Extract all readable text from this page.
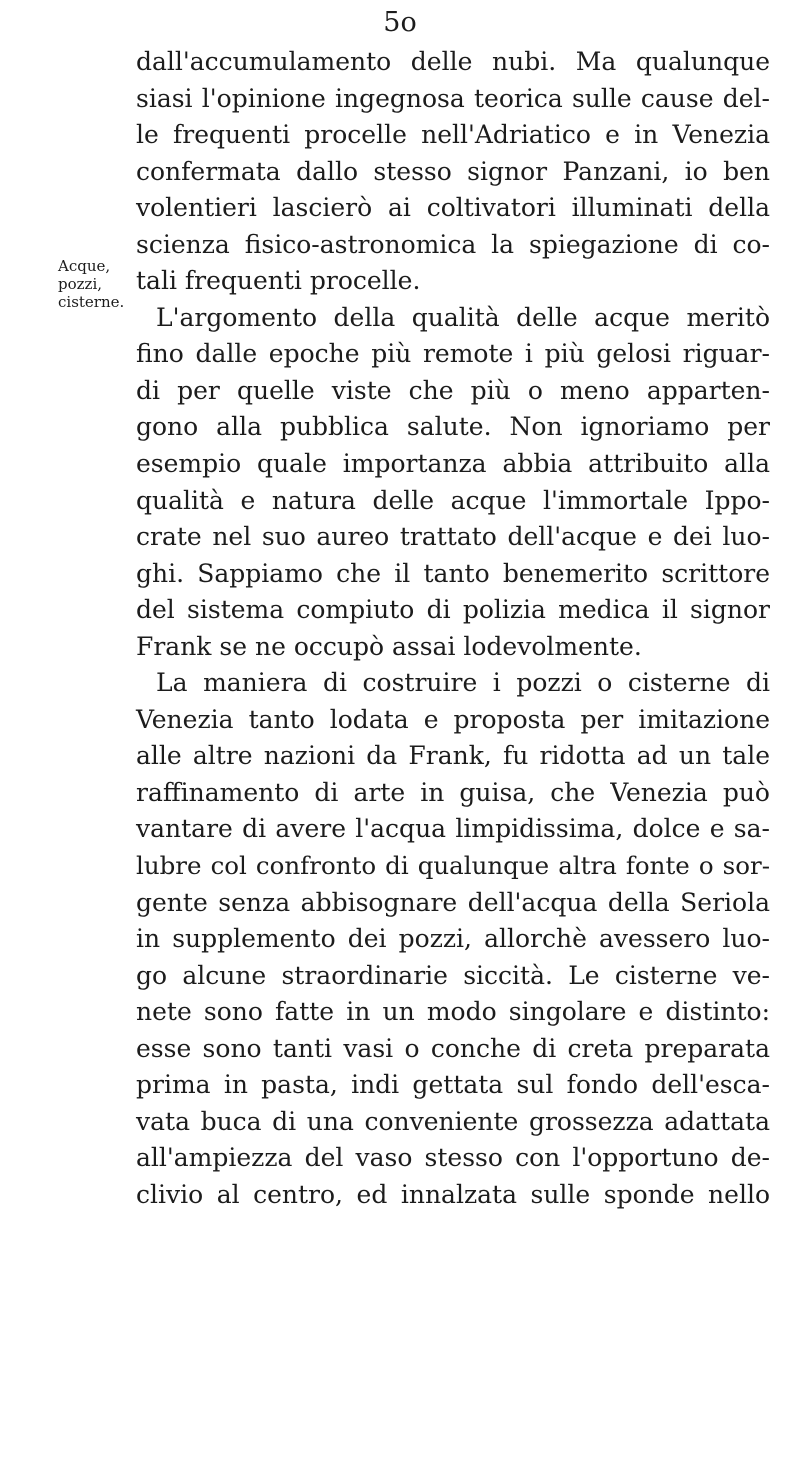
5o
Acque,
pozzi,
cisterne.
dall'accumulamento delle nubi. Ma qualunque
siasi l'opinione ingegnosa teorica sulle cause del-
le frequenti procelle nell'Adriatico e in Venezia
confermata dallo stesso signor Panzani, io ben
volentieri lascierò ai coltivatori illuminati della
scienza fisico-astronomica la spiegazione di co-
tali frequenti procelle.
L'argomento della qualità delle acque meritò
fino dalle epoche più remote i più gelosi riguar-
di per quelle viste che più o meno apparten-
gono alla pubblica salute. Non ignoriamo per
esempio quale importanza abbia attribuito alla
qualità e natura delle acque l'immortale Ippo-
crate nel suo aureo trattato dell'acque e dei luo-
ghi. Sappiamo che il tanto benemerito scrittore
del sistema compiuto di polizia medica il signor
Frank se ne occupò assai lodevolmente.
La maniera di costruire i pozzi o cisterne di
Venezia tanto lodata e proposta per imitazione
alle altre nazioni da Frank, fu ridotta ad un tale
raffinamento di arte in guisa, che Venezia può
vantare di avere l'acqua limpidissima, dolce e sa-
lubre col confronto di qualunque altra fonte o sor-
gente senza abbisognare dell'acqua della Seriola
in supplemento dei pozzi, allorchè avessero luo-
go alcune straordinarie siccità. Le cisterne ve-
nete sono fatte in un modo singolare e distinto:
esse sono tanti vasi o conche di creta preparata
prima in pasta, indi gettata sul fondo dell'esca-
vata buca di una conveniente grossezza adattata
all'ampiezza del vaso stesso con l'opportuno de-
clivio al centro, ed innalzata sulle sponde nello
